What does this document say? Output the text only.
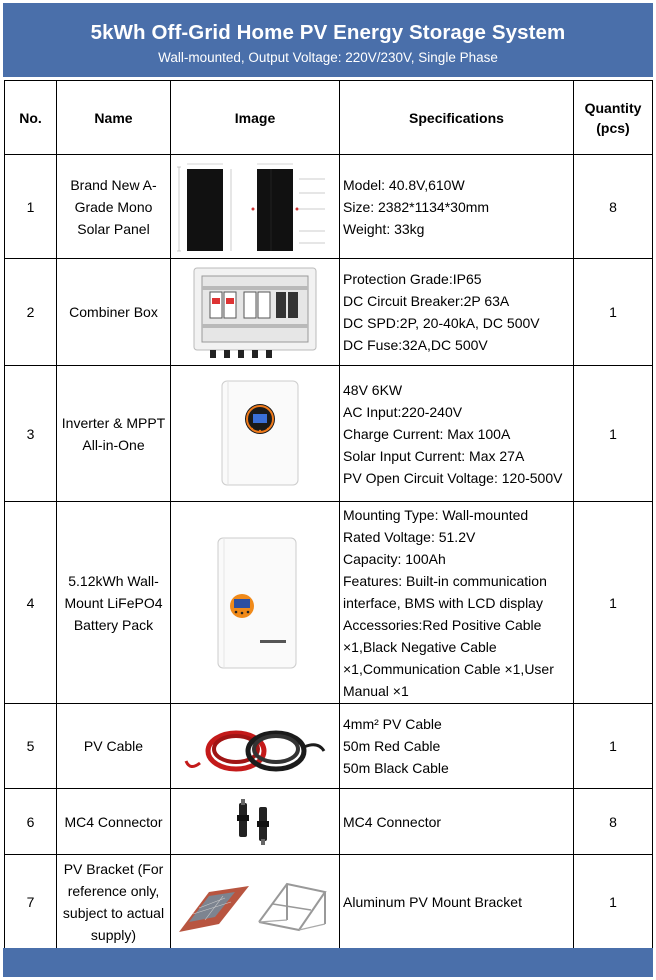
5kWh Off-Grid Home PV Energy Storage System
Wall-mounted, Output Voltage: 220V/230V, Single Phase
No.	Name	Image	Specifications	Quantity (pcs)
1	Brand New A-Grade Mono Solar Panel		Model: 40.8V,610W
Size: 2382*1134*30mm
Weight: 33kg	8
2	Combiner Box		Protection Grade:IP65
DC Circuit Breaker:2P 63A
DC SPD:2P, 20-40kA, DC 500V
DC Fuse:32A,DC 500V	1
3	Inverter & MPPT All-in-One		48V 6KW
AC Input:220-240V
Charge Current: Max 100A
Solar Input Current: Max 27A
PV Open Circuit Voltage: 120-500V	1
4	5.12kWh Wall-Mount LiFePO4 Battery Pack		Mounting Type: Wall-mounted
Rated Voltage: 51.2V
Capacity: 100Ah
Features: Built-in communication interface, BMS with LCD display
Accessories:Red Positive Cable ×1,Black Negative Cable ×1,Communication Cable ×1,User Manual ×1	1
5	PV Cable		4mm² PV Cable
50m Red Cable
50m Black Cable	1
6	MC4 Connector		MC4 Connector	8
7	PV Bracket (For reference only, subject to actual supply)		Aluminum PV Mount Bracket	1
